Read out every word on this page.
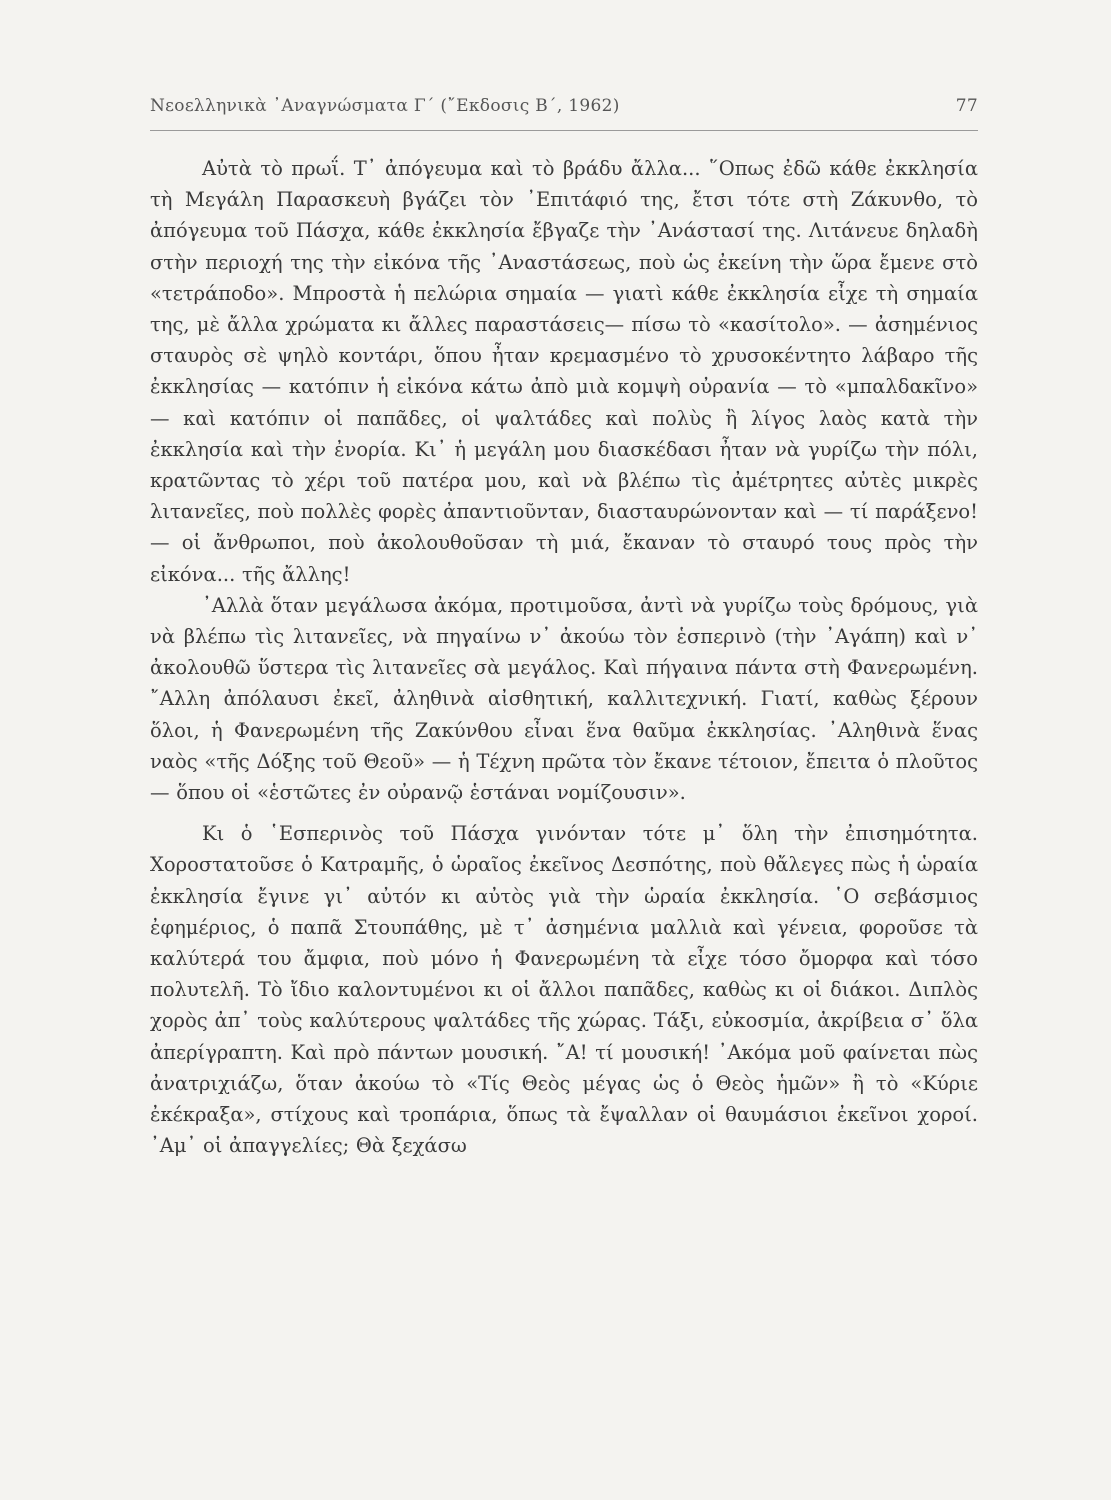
Νεοελληνικὰ ᾿Αναγνώσματα Γ΄ (῎Εκδοσις Β΄, 1962)	77

Αὐτὰ τὸ πρωΐ. Τ᾿ ἀπόγευμα καὶ τὸ βράδυ ἄλλα... ῞Οπως ἐδῶ κάθε ἐκκλησία τὴ Μεγάλη Παρασκευὴ βγάζει τὸν ᾿Επιτάφιό της, ἔτσι τότε στὴ Ζάκυνθο, τὸ ἀπόγευμα τοῦ Πάσχα, κάθε ἐκκλησία ἔβγαζε τὴν ᾿Ανάστασί της. Λιτάνευε δηλαδὴ στὴν περιοχή της τὴν εἰκόνα τῆς ᾿Αναστάσεως, ποὺ ὡς ἐκείνη τὴν ὥρα ἔμενε στὸ «τετράποδο». Μπροστὰ ἡ πελώρια σημαία — γιατὶ κάθε ἐκκλησία εἶχε τὴ σημαία της, μὲ ἄλλα χρώματα κι ἄλλες παραστάσεις— πίσω τὸ «κασίτολο». — ἀσημένιος σταυρὸς σὲ ψηλὸ κοντάρι, ὅπου ἦταν κρεμασμένο τὸ χρυσοκέντητο λάβαρο τῆς ἐκκλησίας — κατόπιν ἡ εἰκόνα κάτω ἀπὸ μιὰ κομψὴ οὐρανία — τὸ «μπαλδακῖνο» — καὶ κατόπιν οἱ παπᾶδες, οἱ ψαλτάδες καὶ πολὺς ἢ λίγος λαὸς κατὰ τὴν ἐκκλησία καὶ τὴν ἐνορία. Κι᾿ ἡ μεγάλη μου διασκέδασι ἦταν νὰ γυρίζω τὴν πόλι, κρατῶντας τὸ χέρι τοῦ πατέρα μου, καὶ νὰ βλέπω τὶς ἀμέτρητες αὐτὲς μικρὲς λιτανεῖες, ποὺ πολλὲς φορὲς ἀπαντιοῦνταν, διασταυρώνονταν καὶ — τί παράξενο! — οἱ ἄνθρωποι, ποὺ ἀκολουθοῦσαν τὴ μιά, ἔκαναν τὸ σταυρό τους πρὸς τὴν εἰκόνα... τῆς ἄλλης!

᾿Αλλὰ ὅταν μεγάλωσα ἀκόμα, προτιμοῦσα, ἀντὶ νὰ γυρίζω τοὺς δρόμους, γιὰ νὰ βλέπω τὶς λιτανεῖες, νὰ πηγαίνω ν᾿ ἀκούω τὸν ἑσπερινὸ (τὴν ᾿Αγάπη) καὶ ν᾿ ἀκολουθῶ ὕστερα τὶς λιτανεῖες σὰ μεγάλος. Καὶ πήγαινα πάντα στὴ Φανερωμένη. ῎Αλλη ἀπόλαυσι ἐκεῖ, ἀληθινὰ αἰσθητική, καλλιτεχνική. Γιατί, καθὼς ξέρουν ὅλοι, ἡ Φανερωμένη τῆς Ζακύνθου εἶναι ἕνα θαῦμα ἐκκλησίας. ᾿Αληθινὰ ἕνας ναὸς «τῆς Δόξης τοῦ Θεοῦ» — ἡ Τέχνη πρῶτα τὸν ἔκανε τέτοιον, ἔπειτα ὁ πλοῦτος — ὅπου οἱ «ἑστῶτες ἐν οὐρανῷ ἑστάναι νομίζουσιν».

Κι ὁ ῾Εσπερινὸς τοῦ Πάσχα γινόνταν τότε μ᾿ ὅλη τὴν ἐπισημότητα. Χοροστατοῦσε ὁ Κατραμῆς, ὁ ὡραῖος ἐκεῖνος Δεσπότης, ποὺ θἄλεγες πὼς ἡ ὡραία ἐκκλησία ἔγινε γι᾿ αὐτόν κι αὐτὸς γιὰ τὴν ὡραία ἐκκλησία. ῾Ο σεβάσμιος ἐφημέριος, ὁ παπᾶ Στουπάθης, μὲ τ᾿ ἀσημένια μαλλιὰ καὶ γένεια, φοροῦσε τὰ καλύτερά του ἄμφια, ποὺ μόνο ἡ Φανερωμένη τὰ εἶχε τόσο ὄμορφα καὶ τόσο πολυτελῆ. Τὸ ἴδιο καλοντυμένοι κι οἱ ἄλλοι παπᾶδες, καθὼς κι οἱ διάκοι. Διπλὸς χορὸς ἀπ᾿ τοὺς καλύτερους ψαλτάδες τῆς χώρας. Τάξι, εὐκοσμία, ἀκρίβεια σ᾿ ὅλα ἀπερίγραπτη. Καὶ πρὸ πάντων μουσική. ῎Α! τί μουσική! ᾿Ακόμα μοῦ φαίνεται πὼς ἀνατριχιάζω, ὅταν ἀκούω τὸ «Τίς Θεὸς μέγας ὡς ὁ Θεὸς ἡμῶν» ἢ τὸ «Κύριε ἐκέκραξα», στίχους καὶ τροπάρια, ὅπως τὰ ἔψαλλαν οἱ θαυμάσιοι ἐκεῖνοι χοροί. ᾿Αμ᾿ οἱ ἀπαγγελίες; Θὰ ξεχάσω
